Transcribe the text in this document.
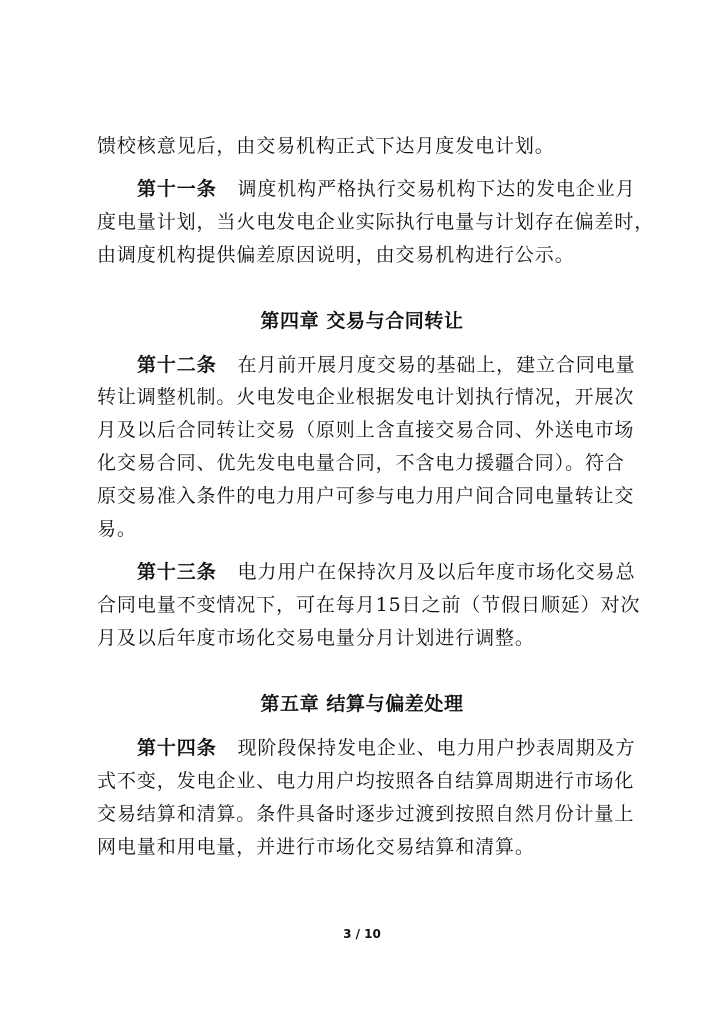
馈校核意见后，由交易机构正式下达月度发电计划。
第十一条 调度机构严格执行交易机构下达的发电企业月
度电量计划，当火电发电企业实际执行电量与计划存在偏差时，
由调度机构提供偏差原因说明，由交易机构进行公示。
第四章 交易与合同转让
第十二条 在月前开展月度交易的基础上，建立合同电量
转让调整机制。火电发电企业根据发电计划执行情况，开展次
月及以后合同转让交易（原则上含直接交易合同、外送电市场
化交易合同、优先发电电量合同，不含电力援疆合同）。符合
原交易准入条件的电力用户可参与电力用户间合同电量转让交
易。
第十三条 电力用户在保持次月及以后年度市场化交易总
合同电量不变情况下，可在每月15日之前（节假日顺延）对次
月及以后年度市场化交易电量分月计划进行调整。
第五章 结算与偏差处理
第十四条 现阶段保持发电企业、电力用户抄表周期及方
式不变，发电企业、电力用户均按照各自结算周期进行市场化
交易结算和清算。条件具备时逐步过渡到按照自然月份计量上
网电量和用电量，并进行市场化交易结算和清算。
3 / 10
